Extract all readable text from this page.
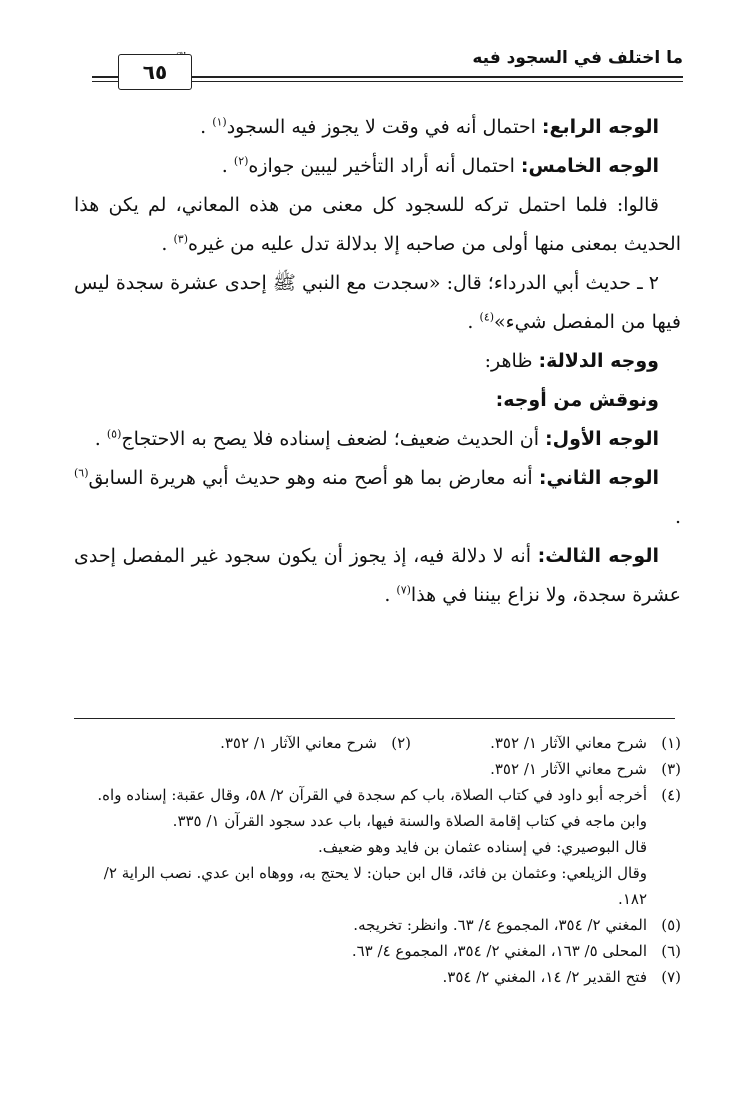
ما اختلف في السجود فيه
٦٥

الوجه الرابع: احتمال أنه في وقت لا يجوز فيه السجود$^{(١)}$ .

الوجه الخامس: احتمال أنه أراد التأخير ليبين جوازه$^{(٢)}$ .

قالوا: فلما احتمل تركه للسجود كل معنى من هذه المعاني، لم يكن هذا الحديث بمعنى منها أولى من صاحبه إلا بدلالة تدل عليه من غيره$^{(٣)}$ .

٢ ـ حديث أبي الدرداء؛ قال: «سجدت مع النبي ﷺ إحدى عشرة سجدة ليس فيها من المفصل شيء»$^{(٤)}$ .

ووجه الدلالة: ظاهر:

ونوقش من أوجه:

الوجه الأول: أن الحديث ضعيف؛ لضعف إسناده فلا يصح به الاحتجاج$^{(٥)}$ .

الوجه الثاني: أنه معارض بما هو أصح منه وهو حديث أبي هريرة السابق$^{(٦)}$ .

الوجه الثالث: أنه لا دلالة فيه، إذ يجوز أن يكون سجود غير المفصل إحدى عشرة سجدة، ولا نزاع بيننا في هذا$^{(٧)}$ .

(١)
شرح معاني الآثار ١/ ٣٥٢.
(٢)
شرح معاني الآثار ١/ ٣٥٢.
(٣)
شرح معاني الآثار ١/ ٣٥٢.
(٤)
أخرجه أبو داود في كتاب الصلاة، باب كم سجدة في القرآن ٢/ ٥٨، وقال عقبة: إسناده واه.
وابن ماجه في كتاب إقامة الصلاة والسنة فيها، باب عدد سجود القرآن ١/ ٣٣٥.
قال البوصيري: في إسناده عثمان بن فايد وهو ضعيف.
وقال الزيلعي: وعثمان بن فائد، قال ابن حبان: لا يحتج به، ووهاه ابن عدي. نصب الراية ٢/ ١٨٢.
(٥)
المغني ٢/ ٣٥٤، المجموع ٤/ ٦٣. وانظر: تخريجه.
(٦)
المحلى ٥/ ١٦٣، المغني ٢/ ٣٥٤، المجموع ٤/ ٦٣.
(٧)
فتح القدير ٢/ ١٤، المغني ٢/ ٣٥٤.
